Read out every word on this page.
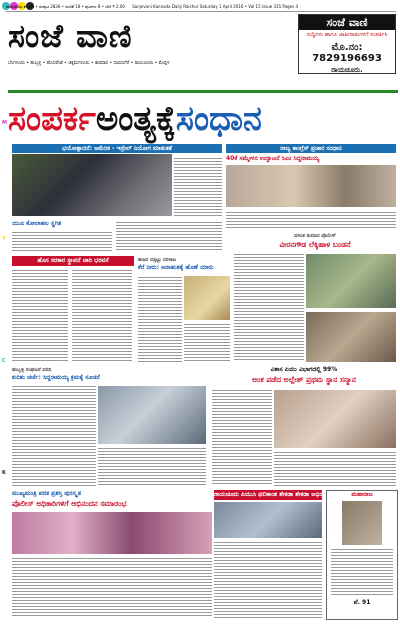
ರಾಯಚೂರು ಶನಿವಾರ • ಸಂಪುಟ 2836 • ಸಂಚಿಕೆ 18 • ಪುಟಗಳು 8 • ಬೆಲೆ ₹ 2.00 Sanjevani Kannada Daily Raichur Saturday 1 April 2016 • Vol 15 Issue 335 Pages 4
ಸಂಜೆ ವಾಣಿ
ಬೆಂಗಳೂರು • ಹುಬ್ಬಳ್ಳಿ • ಹೊಸಪೇಟೆ • ಚಿಕ್ಕಮಗಳೂರು • ಕಾರವಾರ • ದಾವಣಗೆರೆ • ರಾಯಚೂರು • ಕೊಪ್ಪಳ
ಸಂಜೆ ವಾಣಿ
ಸುದ್ದಿಗಳು ಹಾಗೂ ಜಾಹೀರಾತುಗಳಿಗೆ ಸಂಪರ್ಕಿಸಿ
ಮೊ.ನಂ: 7829196693
ರಾಯಚೂರು.
M
Y
C
K
ಸಂಪರ್ಕ ಅಂತ್ಯಕ್ಕೆ ಸಂಧಾನ
ಭಯೋತ್ಪಾದನೆ: ಅಮೆರಿಕ - ಇಸ್ರೇಲ್ ನಿಯೋಗ ಮಾತುಕತೆ	ರಾಜ್ಯ ಕಾಂಗ್ರೆಸ್ ಪ್ರಚಾರ ಸಂಧಾನ
40ಕೆ ಸಮ್ಮೇಳನ ಉದ್ಘಾಟನೆ ಸಿಎಂ ಸಿದ್ದರಾಮಯ್ಯ
ಯುಪಿ ಕೋಲಾಹಲ ಸ್ಥಗಿತ
ಹೊಸ ಸರಕಾರ ಸ್ಥಾಪನೆ ಜಾರಿ ಭರವಸೆ	ಹಣದ ಬಿಕ್ಕಟ್ಟು ನರಳಾಟ
ಕೆರೆ ನೀರು: ಅನಾಹುತಕ್ಕೆ ಹೊಣೆ ಯಾರು
ವಸಂತ ಕುಮಾರ ಪೊಲೀಸ್
ವೀರನಗೌಡ ಲೆಕ್ಕಿಹಾಳ ಬಂಡನೆ
ಹುಬ್ಬಳ್ಳಿ ಸಂಘಟನೆ ವರದಿ
ಕುರಿತು ಚರ್ಚೆ: ಸಿದ್ದರಾಮಯ್ಯ ಕ್ರಮಕ್ಕೆ ಸೂಚನೆ
ವಿಕಾಸ ಪಿಯು ವಿಭಾಗದಲ್ಲಿ 99%
ಅಂಕ ಪಡೆದ ಅಲ್ಲೇಶ್ ಪ್ರಥಮ ಸ್ಥಾನ ಸನ್ಮಾನ
ಮುಖ್ಯಮಂತ್ರಿ ಪದಕ ಪ್ರಶಸ್ತಿ ಪುರಸ್ಕೃತ
ಪೊಲೀಸ್ ಅಧಿಕಾರಿಗಳಿಗೆ ಅಭಿನಂದನ ಸಮಾರಂಭ
ರಾಯಚೂರು ಪಿಯುಸಿ ಫಲಿತಾಂಶ ಶೇಕಡಾ ಶೇಕಡಾ ಅಭಿನಂದನೆ ಸನ್ಮಾನ ಮಹಾರಾಜ
ಪೆ. 91
